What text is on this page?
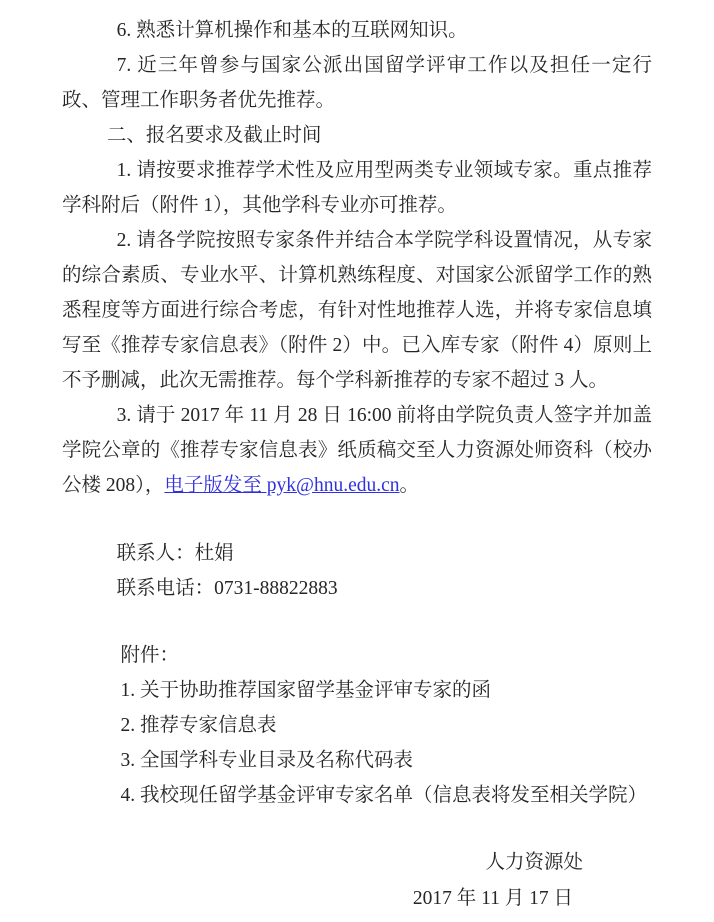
6. 熟悉计算机操作和基本的互联网知识。

7. 近三年曾参与国家公派出国留学评审工作以及担任一定行政、管理工作职务者优先推荐。

二、报名要求及截止时间

1. 请按要求推荐学术性及应用型两类专业领域专家。重点推荐学科附后（附件 1），其他学科专业亦可推荐。

2. 请各学院按照专家条件并结合本学院学科设置情况，从专家的综合素质、专业水平、计算机熟练程度、对国家公派留学工作的熟悉程度等方面进行综合考虑，有针对性地推荐人选，并将专家信息填写至《推荐专家信息表》（附件 2）中。已入库专家（附件 4）原则上不予删减，此次无需推荐。每个学科新推荐的专家不超过 3 人。

3. 请于 2017 年 11 月 28 日 16:00 前将由学院负责人签字并加盖学院公章的《推荐专家信息表》纸质稿交至人力资源处师资科（校办公楼 208），电子版发至 pyk@hnu.edu.cn。

联系人：杜娟

联系电话：0731-88822883

附件：

1. 关于协助推荐国家留学基金评审专家的函

2. 推荐专家信息表

3. 全国学科专业目录及名称代码表

4. 我校现任留学基金评审专家名单（信息表将发至相关学院）

人力资源处

2017 年 11 月 17 日
